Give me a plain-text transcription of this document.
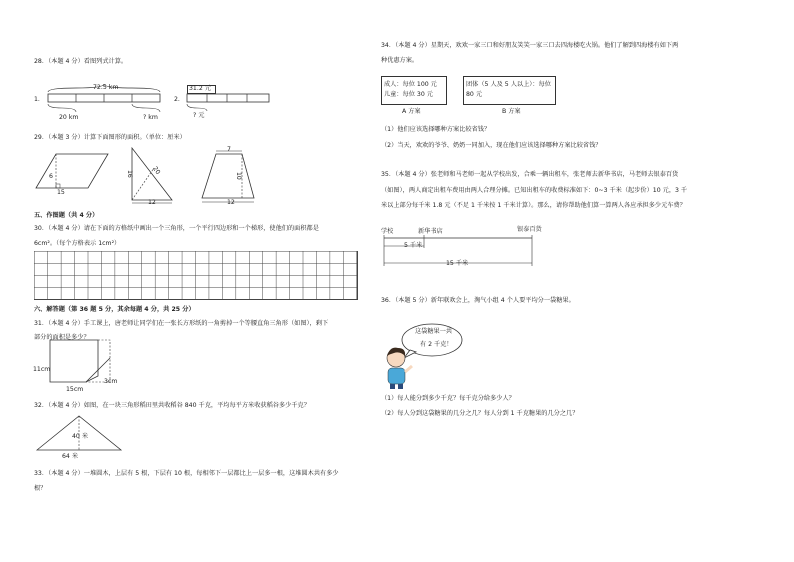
28．（本题 4 分）看图列式计算。
1.
72.5 km
20 km	? km
2.
31.2 元
? 元
29．（本题 3 分）计算下面图形的面积。（单位：厘米）
6
15
16	20
12
7
10
12
五、作图题（共 4 分）
30．（本题 4 分）请在下面的方格纸中画出一个三角形，一个平行四边形和一个梯形，使他们的面积都是
6cm²。（每个方格表示 1cm²）
六、解答题（第 36 题 5 分，其余每题 4 分，共 25 分）
31．（本题 4 分）手工课上，唐老师让同学们在一张长方形纸的一角剪掉一个等腰直角三角形（如图），剩下
部分的面积是多少？
11cm
15cm
3cm
32．（本题 4 分）如图，在一块三角形稻田里共收稻谷 840 千克，平均每平方米收获稻谷多少千克？
40 米
64 米
33．（本题 4 分）一堆圆木，上层有 5 根，下层有 10 根，每相邻下一层都比上一层多一根，这堆圆木共有多少
根？
34．（本题 4 分）星期天，欢欢一家三口和好朋友笑笑一家三口去四海楼吃火锅。他们了解到四海楼有如下两
种优惠方案。
成人：每位 100 元
儿童：每位 30 元
A 方案
团体（5 人及 5 人以上）：每位
80 元
B 方案
（1）他们应该选择哪种方案比较省钱？
（2）当天，欢欢的爷爷、奶奶一同加入，现在他们应该选择哪种方案比较省钱？
35．（本题 4 分）张老师和马老师一起从学校出发，合乘一辆出租车，张老师去新华书店，马老师去银泰百货
（如图），两人商定出租车费用由两人合理分摊。已知出租车的收费标准如下：0~3 千米（起步价）10 元，3 千
米以上部分每千米 1.8 元（不足 1 千米按 1 千米计算）。那么，请你帮助他们算一算两人各应承担多少元车费？
学校	新华书店	银泰百货
5 千米
15 千米
36．（本题 5 分）新年联欢会上，淘气小组 4 个人要平均分一袋糖果。
这袋糖果一共
有 2 千克！
（1）每人能分到多少千克？每千克分给多少人？
（2）每人分到这袋糖果的几分之几？每人分到 1 千克糖果的几分之几？
